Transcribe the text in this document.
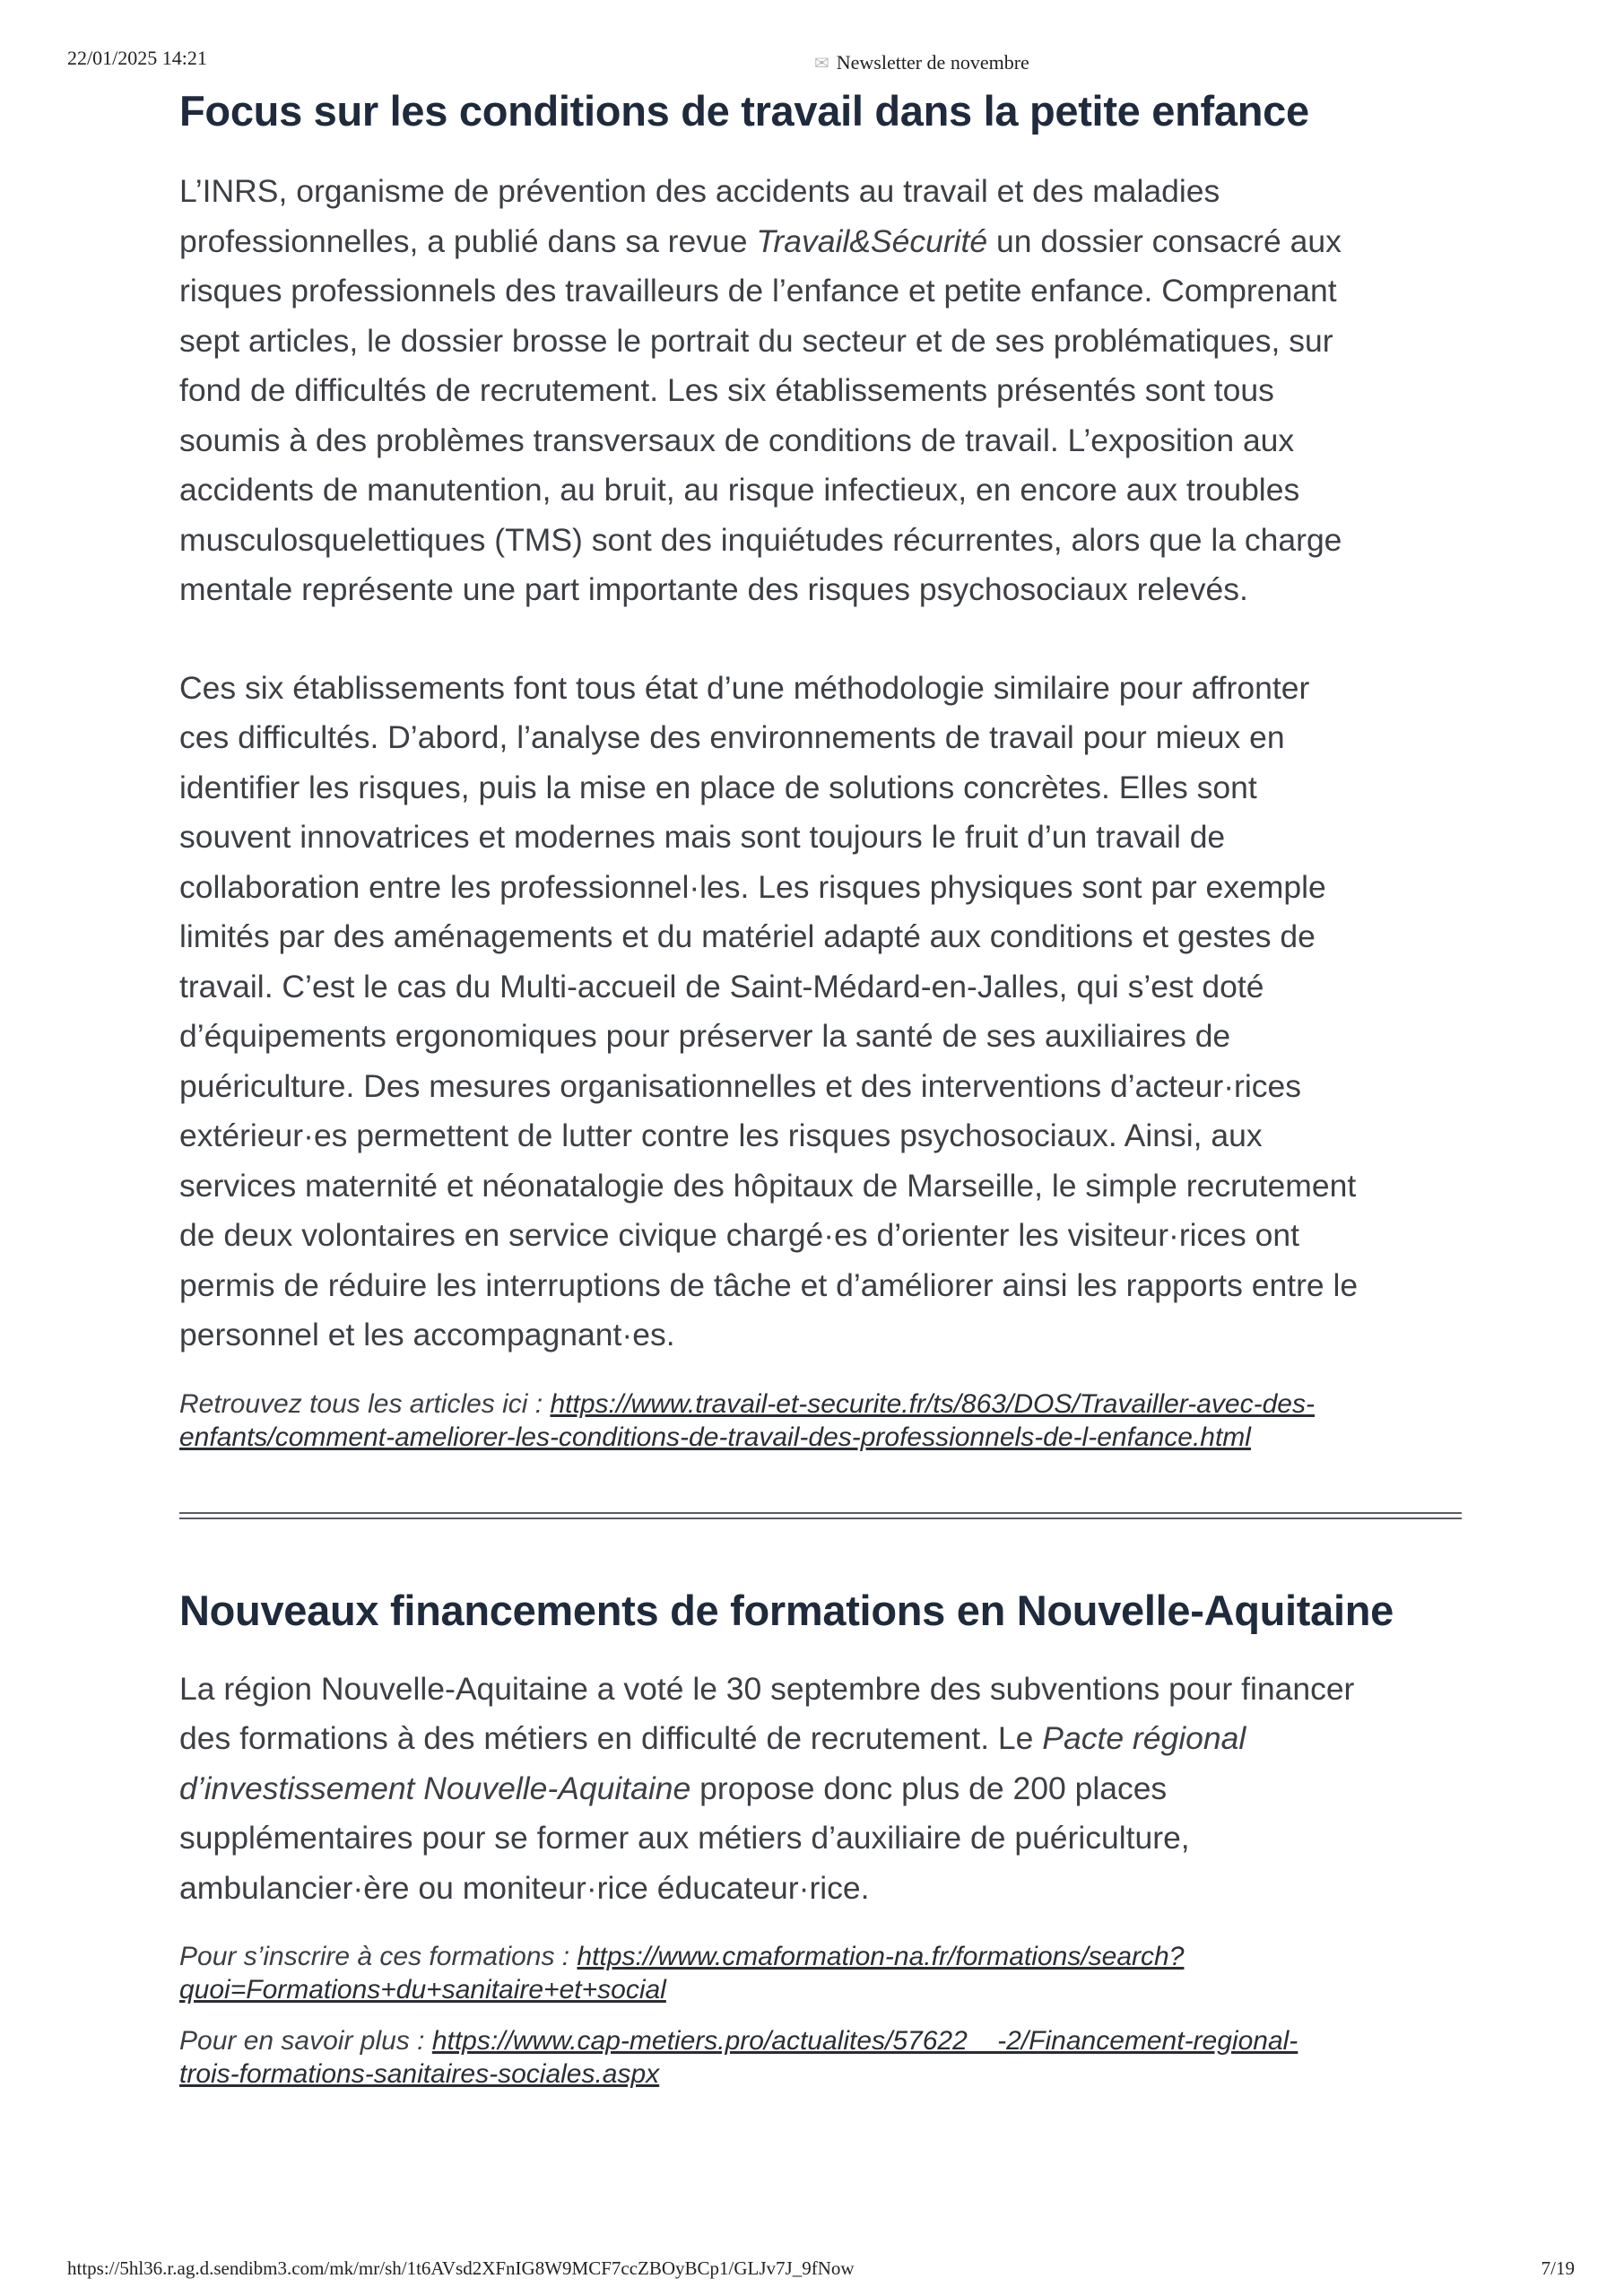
22/01/2025 14:21	✉ Newsletter de novembre
Focus sur les conditions de travail dans la petite enfance

L’INRS, organisme de prévention des accidents au travail et des maladies
professionnelles, a publié dans sa revue Travail&Sécurité un dossier consacré aux
risques professionnels des travailleurs de l’enfance et petite enfance. Comprenant
sept articles, le dossier brosse le portrait du secteur et de ses problématiques, sur
fond de difficultés de recrutement. Les six établissements présentés sont tous
soumis à des problèmes transversaux de conditions de travail. L’exposition aux
accidents de manutention, au bruit, au risque infectieux, en encore aux troubles
musculosquelettiques (TMS) sont des inquiétudes récurrentes, alors que la charge
mentale représente une part importante des risques psychosociaux relevés.

Ces six établissements font tous état d’une méthodologie similaire pour affronter
ces difficultés. D’abord, l’analyse des environnements de travail pour mieux en
identifier les risques, puis la mise en place de solutions concrètes. Elles sont
souvent innovatrices et modernes mais sont toujours le fruit d’un travail de
collaboration entre les professionnel·les. Les risques physiques sont par exemple
limités par des aménagements et du matériel adapté aux conditions et gestes de
travail. C’est le cas du Multi-accueil de Saint-Médard-en-Jalles, qui s’est doté
d’équipements ergonomiques pour préserver la santé de ses auxiliaires de
puériculture. Des mesures organisationnelles et des interventions d’acteur·rices
extérieur·es permettent de lutter contre les risques psychosociaux. Ainsi, aux
services maternité et néonatalogie des hôpitaux de Marseille, le simple recrutement
de deux volontaires en service civique chargé·es d’orienter les visiteur·rices ont
permis de réduire les interruptions de tâche et d’améliorer ainsi les rapports entre le
personnel et les accompagnant·es.

Retrouvez tous les articles ici : https://www.travail-et-securite.fr/ts/863/DOS/Travailler-avec-des-
enfants/comment-ameliorer-les-conditions-de-travail-des-professionnels-de-l-enfance.html

Nouveaux financements de formations en Nouvelle-Aquitaine

La région Nouvelle-Aquitaine a voté le 30 septembre des subventions pour financer
des formations à des métiers en difficulté de recrutement. Le Pacte régional
d’investissement Nouvelle-Aquitaine propose donc plus de 200 places
supplémentaires pour se former aux métiers d’auxiliaire de puériculture,
ambulancier·ère ou moniteur·rice éducateur·rice.

Pour s’inscrire à ces formations : https://www.cmaformation-na.fr/formations/search?
quoi=Formations+du+sanitaire+et+social

Pour en savoir plus : https://www.cap-metiers.pro/actualites/57622__-2/Financement-regional-
trois-formations-sanitaires-sociales.aspx

https://5hl36.r.ag.d.sendibm3.com/mk/mr/sh/1t6AVsd2XFnIG8W9MCF7ccZBOyBCp1/GLJv7J_9fNow	7/19
